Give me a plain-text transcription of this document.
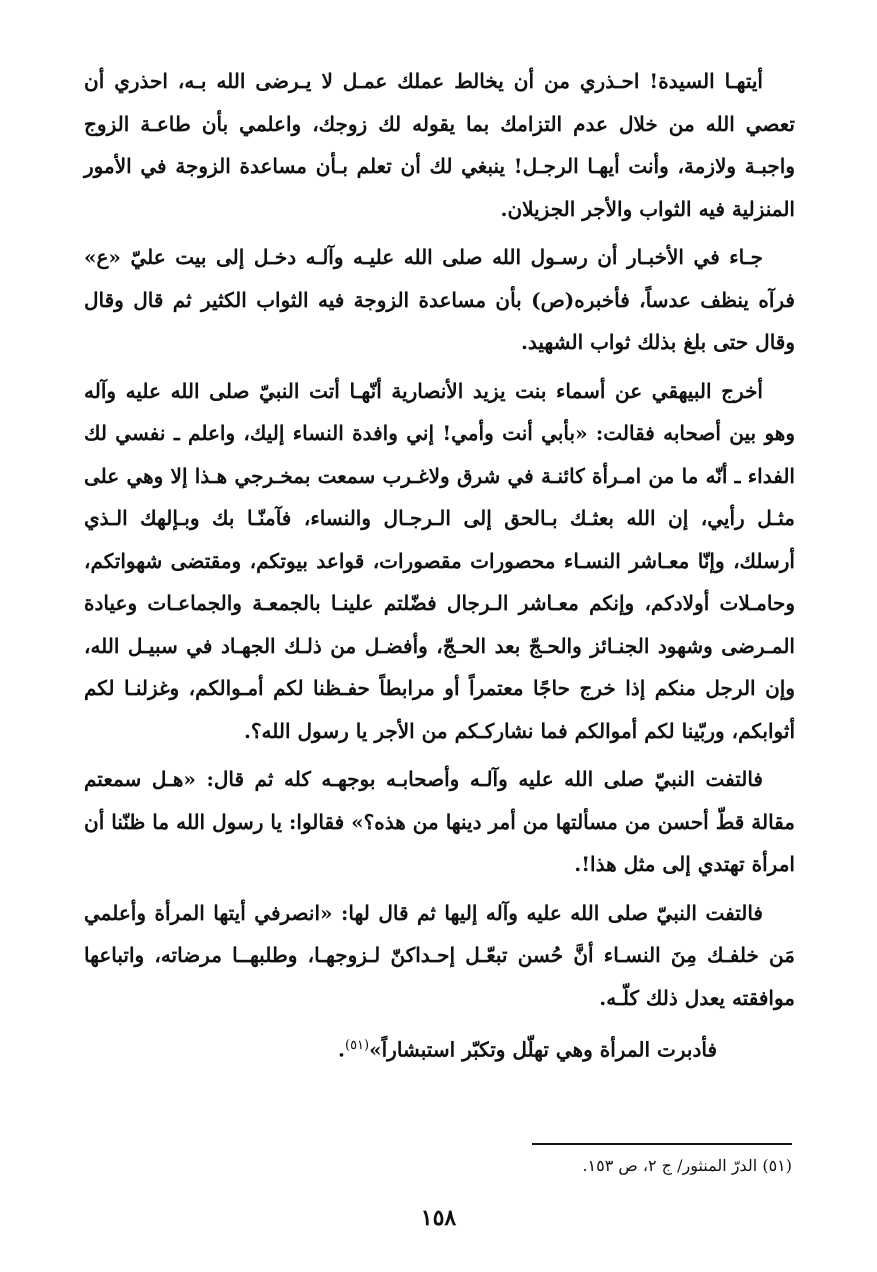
أيتهـا السيدة! احـذري من أن يخالط عملك عمـل لا يـرضى الله بـه، احذري أن تعصي الله من خلال عدم التزامك بما يقوله لك زوجك، واعلمي بأن طاعـة الزوج واجبـة ولازمة، وأنت أيهـا الرجـل! ينبغي لك أن تعلم بـأن مساعدة الزوجة في الأمور المنزلية فيه الثواب والأجر الجزيلان.

جـاء في الأخبـار أن رسـول الله صلى الله عليـه وآلـه دخـل إلى بيت عليّ «ع» فرآه ينظف عدساً، فأخبره(ص) بأن مساعدة الزوجة فيه الثواب الكثير ثم قال وقال وقال حتى بلغ بذلك ثواب الشهيد.

أخرج البيهقي عن أسماء بنت يزيد الأنصارية أنّهـا أتت النبيّ صلى الله عليه وآله وهو بين أصحابه فقالت: «بأبي أنت وأمي! إني وافدة النساء إليك، واعلم ـ نفسي لك الفداء ـ أنّه ما من امـرأة كائنـة في شرق ولاغـرب سمعت بمخـرجي هـذا إلا وهي على مثـل رأيي، إن الله بعثـك بـالحق إلى الـرجـال والنساء، فآمنّـا بك وبـإلهك الـذي أرسلك، وإنّا معـاشر النسـاء محصورات مقصورات، قواعد بيوتكم، ومقتضى شهواتكم، وحامـلات أولادكم، وإنكم معـاشر الـرجال فضّلتم علينـا بالجمعـة والجماعـات وعيادة المـرضى وشهود الجنـائز والحـجّ بعد الحـجّ، وأفضـل من ذلـك الجهـاد في سبيـل الله، وإن الرجل منكم إذا خرج حاجًا معتمراً أو مرابطاً حفـظنا لكم أمـوالكم، وغزلنـا لكم أثوابكم، وربّينا لكم أموالكم فما نشاركـكم من الأجر يا رسول الله؟.

فالتفت النبيّ صلى الله عليه وآلـه وأصحابـه بوجهـه كله ثم قال: «هـل سمعتم مقالة قطّ أحسن من مسألتها من أمر دينها من هذه؟» فقالوا: يا رسول الله ما ظنّنا أن امرأة تهتدي إلى مثل هذا!.

فالتفت النبيّ صلى الله عليه وآله إليها ثم قال لها: «انصرفي أيتها المرأة وأعلمي مَن خلفـك مِنَ النسـاء أنَّ حُسن تبعّـل إحـداكنّ لـزوجهـا، وطلبهــا مرضاته، واتباعها موافقته يعدل ذلك كلّـه.

فأدبرت المرأة وهي تهلّل وتكبّر استبشاراً»$^{(٥١)}$.

(٥١) الدرّ المنثور/ ج ٢، ص ١٥٣.
١٥٨
